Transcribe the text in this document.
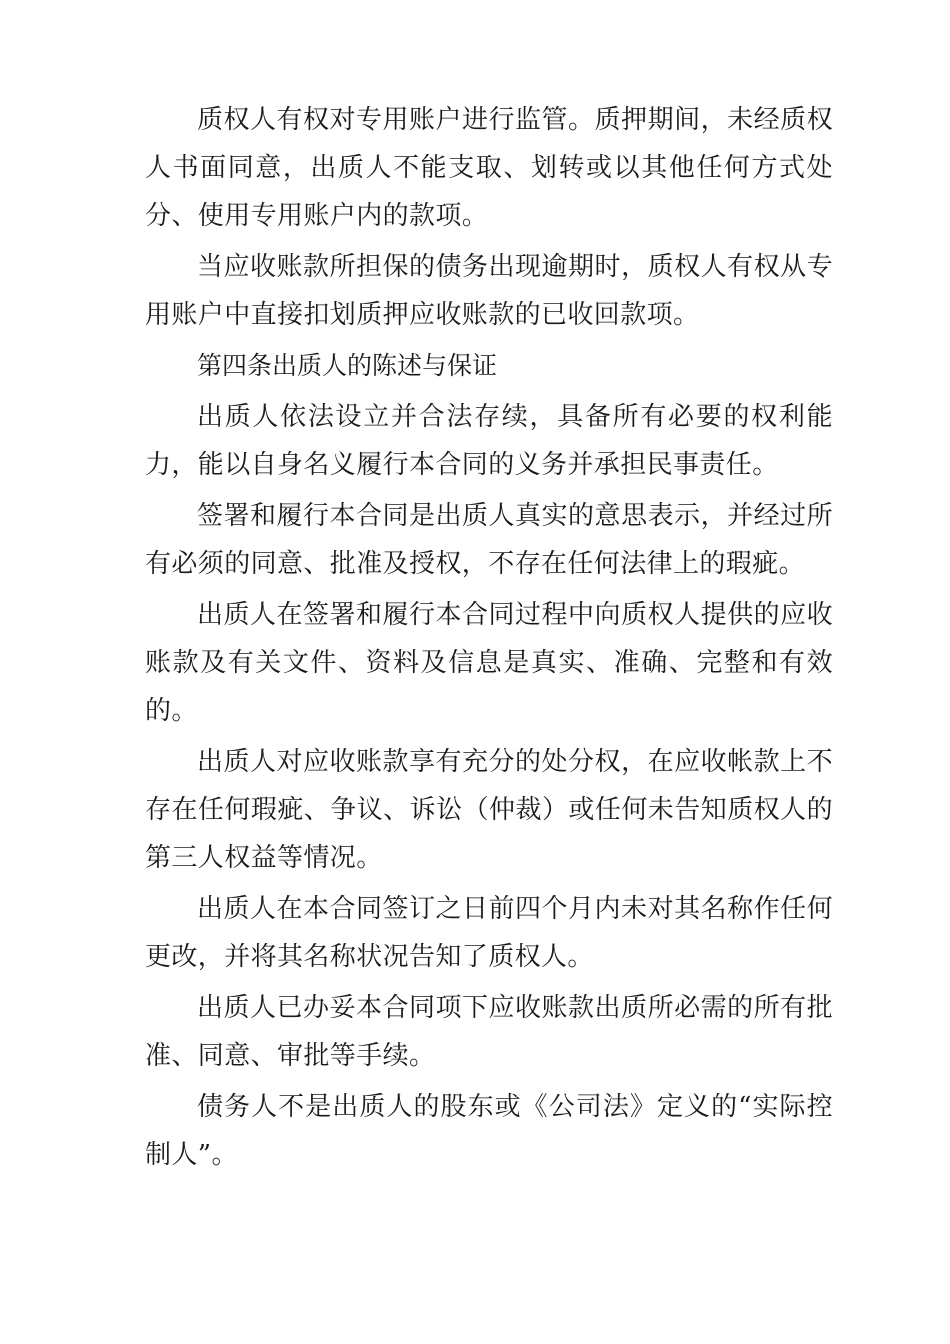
质权人有权对专用账户进行监管。质押期间，未经质权人书面同意，出质人不能支取、划转或以其他任何方式处分、使用专用账户内的款项。

当应收账款所担保的债务出现逾期时，质权人有权从专用账户中直接扣划质押应收账款的已收回款项。

第四条出质人的陈述与保证

出质人依法设立并合法存续，具备所有必要的权利能力，能以自身名义履行本合同的义务并承担民事责任。

签署和履行本合同是出质人真实的意思表示，并经过所有必须的同意、批准及授权，不存在任何法律上的瑕疵。

出质人在签署和履行本合同过程中向质权人提供的应收账款及有关文件、资料及信息是真实、准确、完整和有效的。

出质人对应收账款享有充分的处分权，在应收帐款上不存在任何瑕疵、争议、诉讼（仲裁）或任何未告知质权人的第三人权益等情况。

出质人在本合同签订之日前四个月内未对其名称作任何更改，并将其名称状况告知了质权人。

出质人已办妥本合同项下应收账款出质所必需的所有批准、同意、审批等手续。

债务人不是出质人的股东或《公司法》定义的“实际控制人”。
